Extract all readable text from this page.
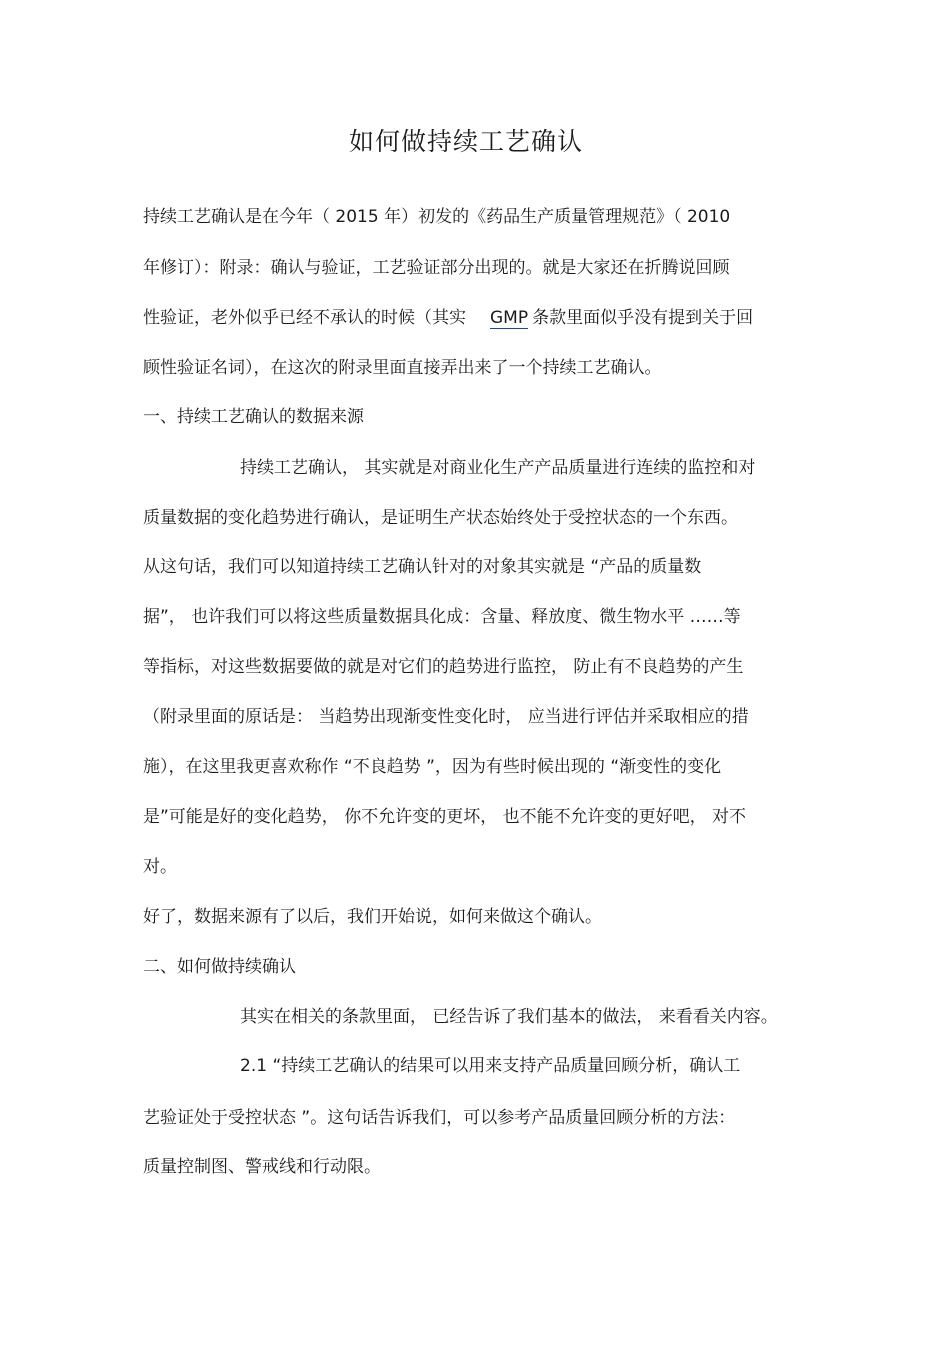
如何做持续工艺确认
持续工艺确认是在今年（ 2015 年）初发的《药品生产质量管理规范》（ 2010
年修订）：附录：确认与验证，工艺验证部分出现的。就是大家还在折腾说回顾
性验证，老外似乎已经不承认的时候（其实 GMP 条款里面似乎没有提到关于回
顾性验证名词），在这次的附录里面直接弄出来了一个持续工艺确认。
一、持续工艺确认的数据来源
持续工艺确认， 其实就是对商业化生产产品质量进行连续的监控和对
质量数据的变化趋势进行确认，是证明生产状态始终处于受控状态的一个东西。
从这句话，我们可以知道持续工艺确认针对的对象其实就是 “产品的质量数
据”， 也许我们可以将这些质量数据具化成：含量、释放度、微生物水平 ……等
等指标，对这些数据要做的就是对它们的趋势进行监控， 防止有不良趋势的产生
（附录里面的原话是： 当趋势出现渐变性变化时， 应当进行评估并采取相应的措
施），在这里我更喜欢称作 “不良趋势 ”，因为有些时候出现的 “渐变性的变化
是”可能是好的变化趋势， 你不允许变的更坏， 也不能不允许变的更好吧， 对不
对。
好了，数据来源有了以后，我们开始说，如何来做这个确认。
二、如何做持续确认
其实在相关的条款里面， 已经告诉了我们基本的做法， 来看看关内容。
2.1 “持续工艺确认的结果可以用来支持产品质量回顾分析，确认工
艺验证处于受控状态 ”。这句话告诉我们，可以参考产品质量回顾分析的方法：
质量控制图、警戒线和行动限。
